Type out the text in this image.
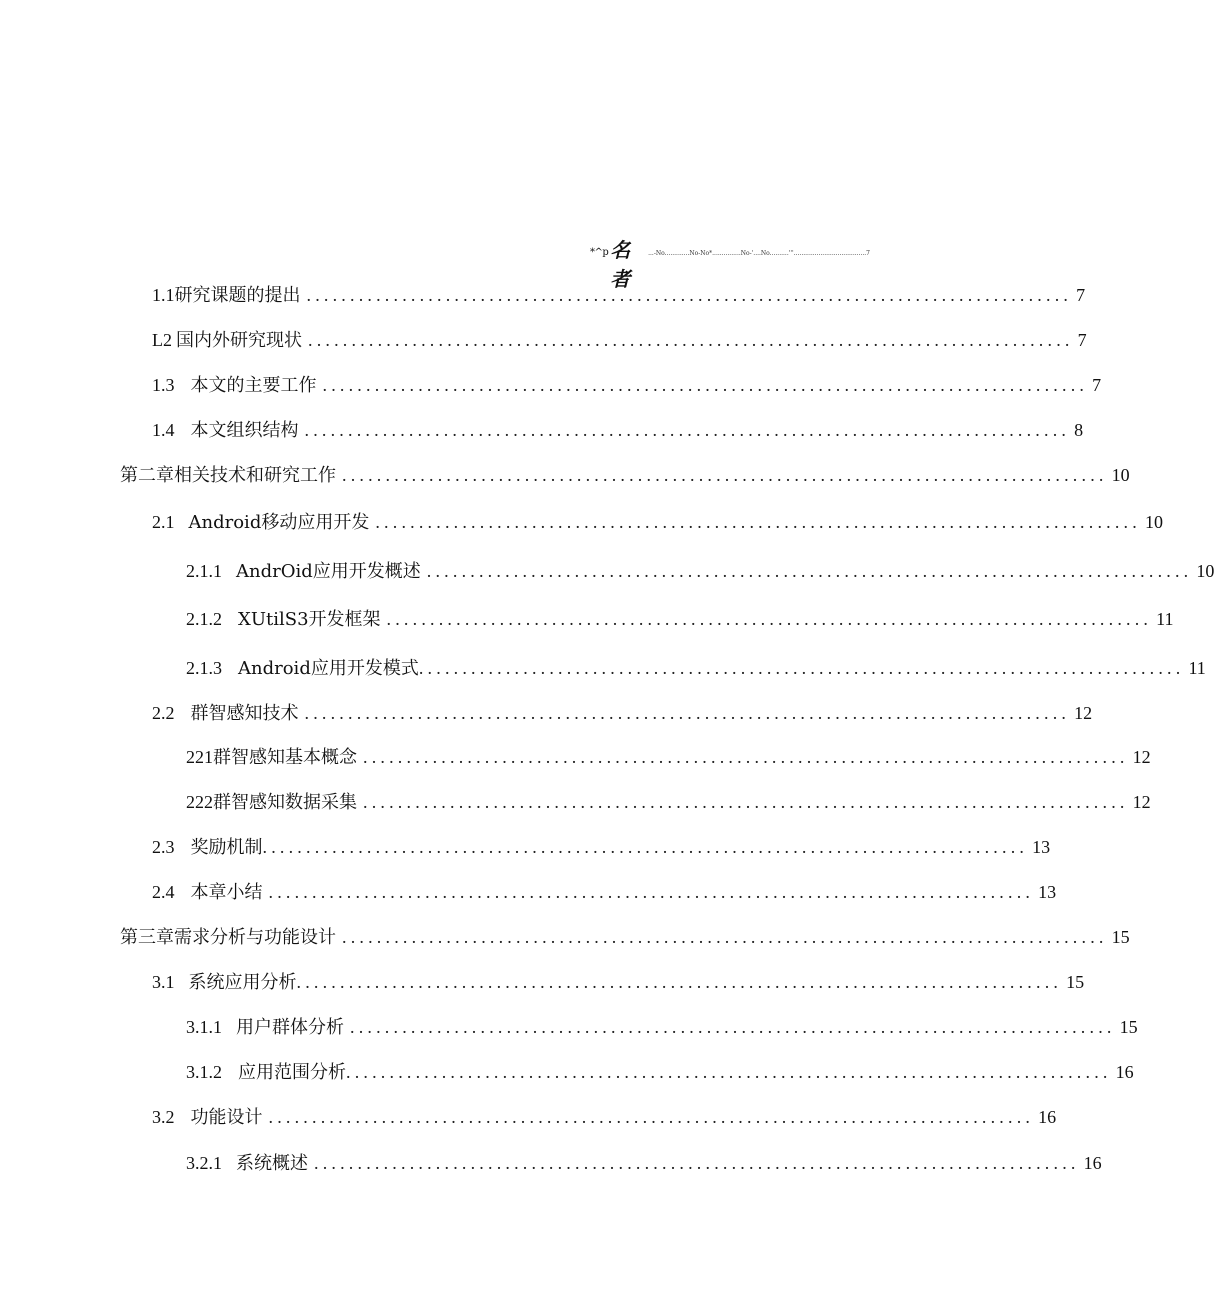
*^p 名者
...-No.............No-No*...............No-'....No..........'''......................................7
1.1 研究课题的提出 ........................................................................................ 7
L2 国内外研究现状 ........................................................................................ 7
1.3 本文的主要工作 ........................................................................................ 7
1.4 本文组织结构 ........................................................................................ 8
第二章相关技术和研究工作 ........................................................................................ 10
2.1 Android移动应用开发 ........................................................................................ 10
2.1.1 AndrOid应用开发概述 ........................................................................................ 10
2.1.2 XUtilS3开发框架 ........................................................................................ 11
2.1.3 Android应用开发模式 ........................................................................................ 11
2.2 群智感知技术 ........................................................................................ 12
221 群智感知基本概念 ........................................................................................ 12
222 群智感知数据采集 ........................................................................................ 12
2.3 奖励机制 ........................................................................................ 13
2.4 本章小结 ........................................................................................ 13
第三章需求分析与功能设计 ........................................................................................ 15
3.1 系统应用分析 ........................................................................................ 15
3.1.1 用户群体分析 ........................................................................................ 15
3.1.2 应用范围分析 ........................................................................................ 16
3.2 功能设计 ........................................................................................ 16
3.2.1 系统概述 ........................................................................................ 16
